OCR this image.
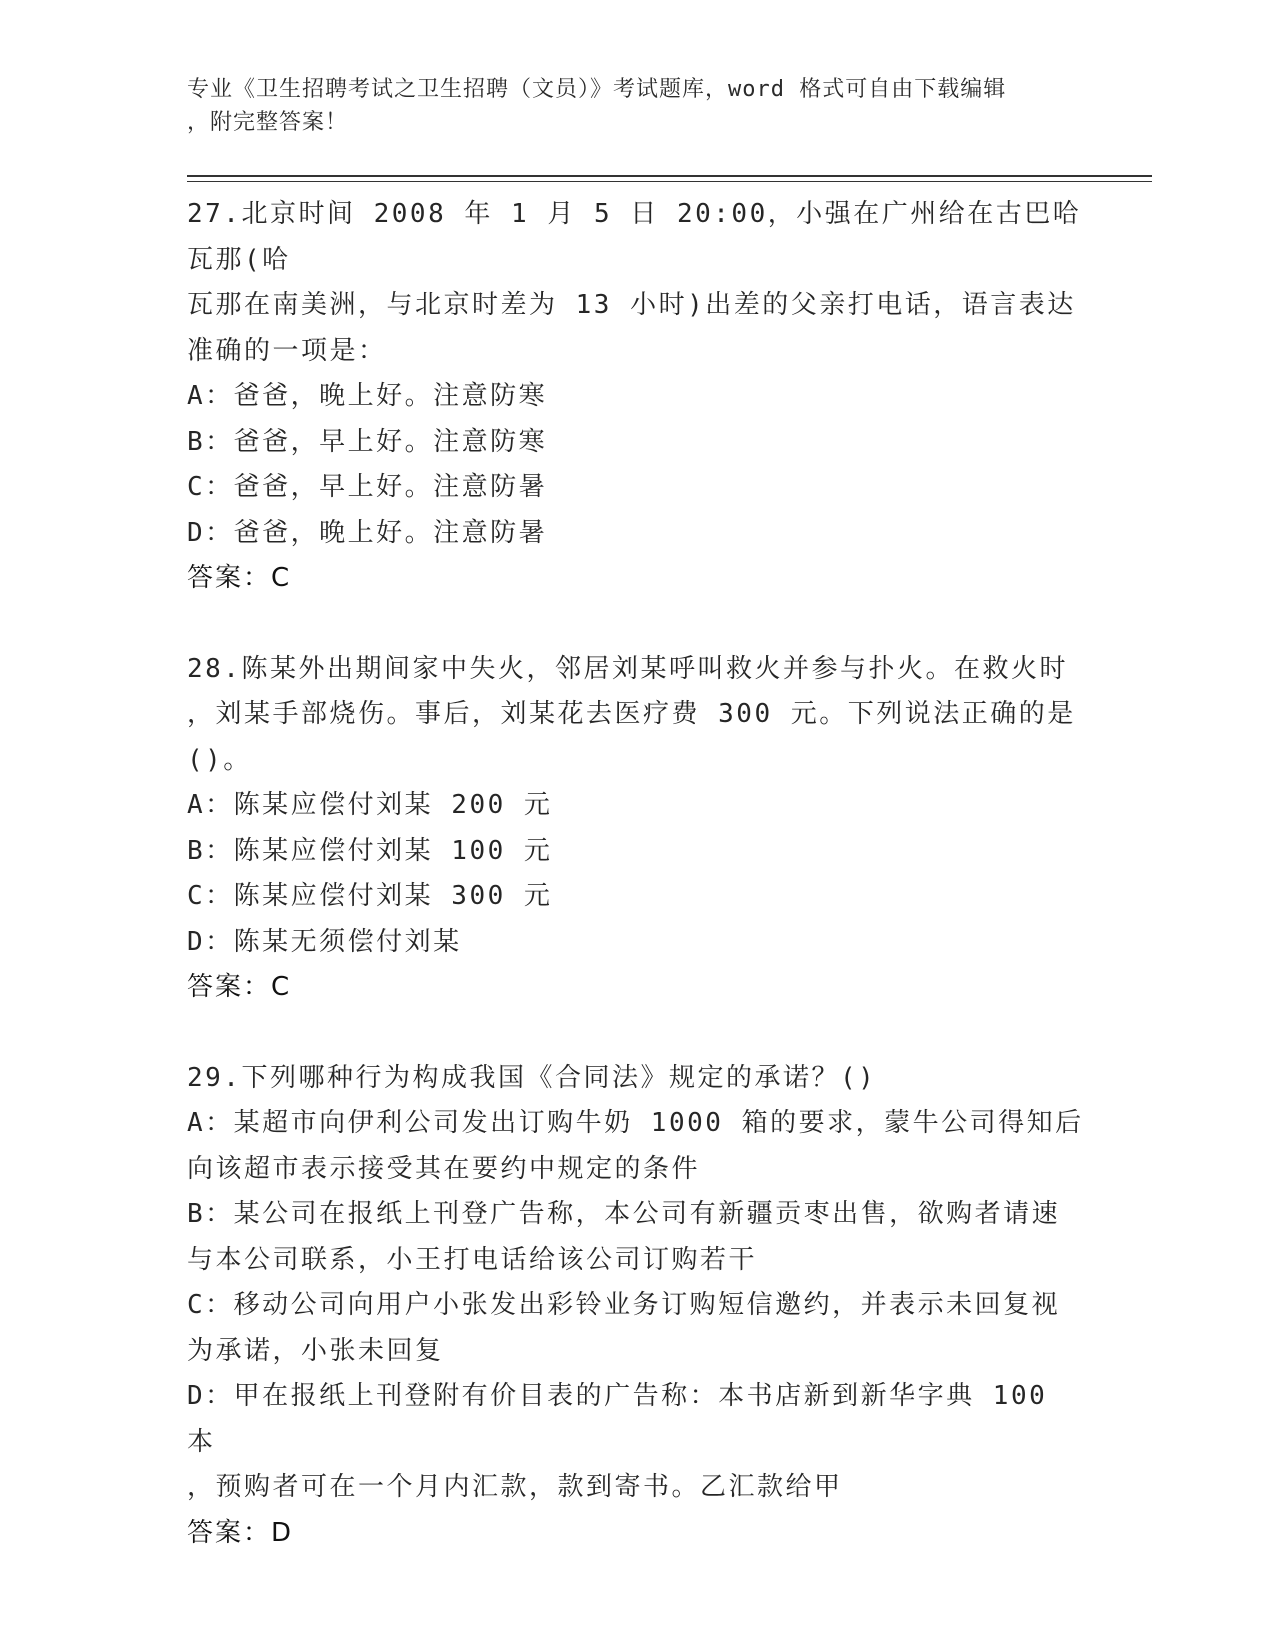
专业《卫生招聘考试之卫生招聘（文员）》考试题库，word 格式可自由下载编辑
，附完整答案！
27.北京时间 2008 年 1 月 5 日 20:00，小强在广州给在古巴哈瓦那(哈
瓦那在南美洲，与北京时差为 13 小时)出差的父亲打电话，语言表达
准确的一项是：
A：爸爸，晚上好。注意防寒
B：爸爸，早上好。注意防寒
C：爸爸，早上好。注意防暑
D：爸爸，晚上好。注意防暑
答案：C
28.陈某外出期间家中失火，邻居刘某呼叫救火并参与扑火。在救火时
，刘某手部烧伤。事后，刘某花去医疗费 300 元。下列说法正确的是
()。
A：陈某应偿付刘某 200 元
B：陈某应偿付刘某 100 元
C：陈某应偿付刘某 300 元
D：陈某无须偿付刘某
答案：C
29.下列哪种行为构成我国《合同法》规定的承诺？()
A：某超市向伊利公司发出订购牛奶 1000 箱的要求，蒙牛公司得知后
向该超市表示接受其在要约中规定的条件
B：某公司在报纸上刊登广告称，本公司有新疆贡枣出售，欲购者请速
与本公司联系，小王打电话给该公司订购若干
C：移动公司向用户小张发出彩铃业务订购短信邀约，并表示未回复视
为承诺，小张未回复
D：甲在报纸上刊登附有价目表的广告称：本书店新到新华字典 100 本
，预购者可在一个月内汇款，款到寄书。乙汇款给甲
答案：D
